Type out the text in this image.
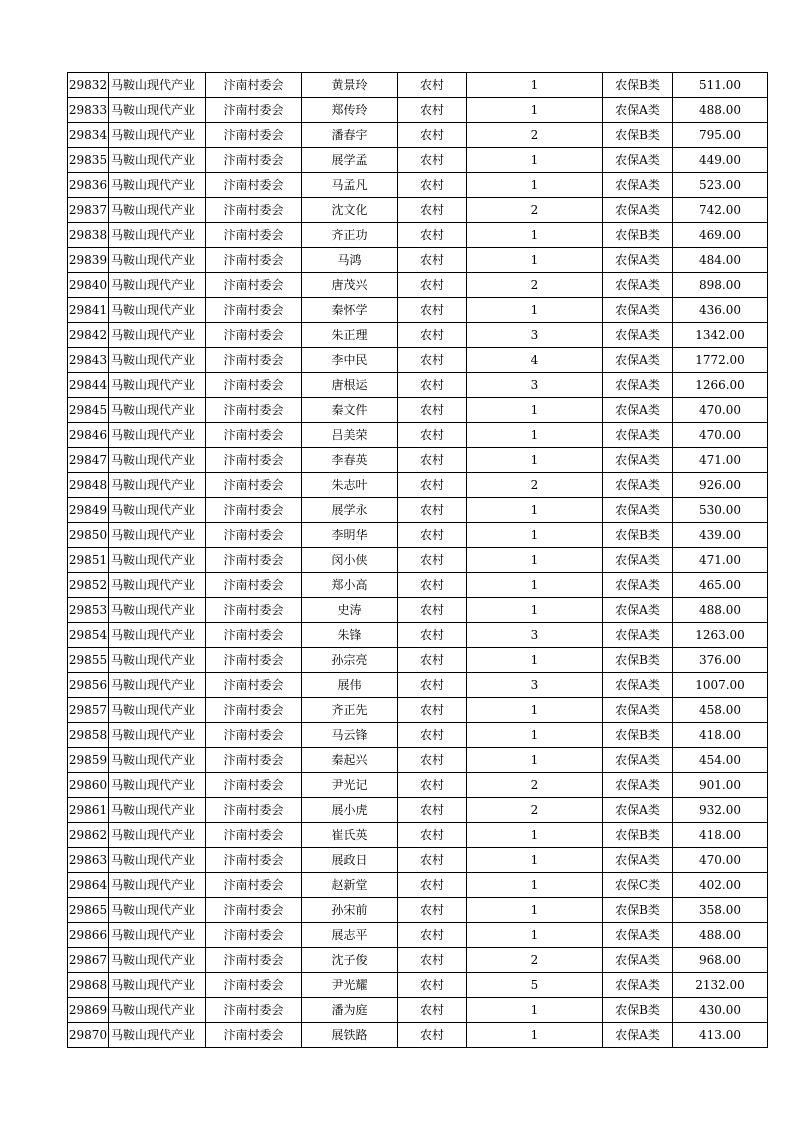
29832	马鞍山现代产业	汴南村委会	黄景玲	农村	1	农保B类	511.00
29833	马鞍山现代产业	汴南村委会	郑传玲	农村	1	农保A类	488.00
29834	马鞍山现代产业	汴南村委会	潘春宇	农村	2	农保B类	795.00
29835	马鞍山现代产业	汴南村委会	展学孟	农村	1	农保A类	449.00
29836	马鞍山现代产业	汴南村委会	马孟凡	农村	1	农保A类	523.00
29837	马鞍山现代产业	汴南村委会	沈文化	农村	2	农保A类	742.00
29838	马鞍山现代产业	汴南村委会	齐正功	农村	1	农保B类	469.00
29839	马鞍山现代产业	汴南村委会	马鸿	农村	1	农保A类	484.00
29840	马鞍山现代产业	汴南村委会	唐茂兴	农村	2	农保A类	898.00
29841	马鞍山现代产业	汴南村委会	秦怀学	农村	1	农保A类	436.00
29842	马鞍山现代产业	汴南村委会	朱正理	农村	3	农保A类	1342.00
29843	马鞍山现代产业	汴南村委会	李中民	农村	4	农保A类	1772.00
29844	马鞍山现代产业	汴南村委会	唐根运	农村	3	农保A类	1266.00
29845	马鞍山现代产业	汴南村委会	秦文件	农村	1	农保A类	470.00
29846	马鞍山现代产业	汴南村委会	吕美荣	农村	1	农保A类	470.00
29847	马鞍山现代产业	汴南村委会	李春英	农村	1	农保A类	471.00
29848	马鞍山现代产业	汴南村委会	朱志叶	农村	2	农保A类	926.00
29849	马鞍山现代产业	汴南村委会	展学永	农村	1	农保A类	530.00
29850	马鞍山现代产业	汴南村委会	李明华	农村	1	农保B类	439.00
29851	马鞍山现代产业	汴南村委会	闵小侠	农村	1	农保A类	471.00
29852	马鞍山现代产业	汴南村委会	郑小高	农村	1	农保A类	465.00
29853	马鞍山现代产业	汴南村委会	史涛	农村	1	农保A类	488.00
29854	马鞍山现代产业	汴南村委会	朱锋	农村	3	农保A类	1263.00
29855	马鞍山现代产业	汴南村委会	孙宗亮	农村	1	农保B类	376.00
29856	马鞍山现代产业	汴南村委会	展伟	农村	3	农保A类	1007.00
29857	马鞍山现代产业	汴南村委会	齐正先	农村	1	农保A类	458.00
29858	马鞍山现代产业	汴南村委会	马云锋	农村	1	农保B类	418.00
29859	马鞍山现代产业	汴南村委会	秦起兴	农村	1	农保A类	454.00
29860	马鞍山现代产业	汴南村委会	尹光记	农村	2	农保A类	901.00
29861	马鞍山现代产业	汴南村委会	展小虎	农村	2	农保A类	932.00
29862	马鞍山现代产业	汴南村委会	崔氏英	农村	1	农保B类	418.00
29863	马鞍山现代产业	汴南村委会	展政日	农村	1	农保A类	470.00
29864	马鞍山现代产业	汴南村委会	赵新堂	农村	1	农保C类	402.00
29865	马鞍山现代产业	汴南村委会	孙宋前	农村	1	农保B类	358.00
29866	马鞍山现代产业	汴南村委会	展志平	农村	1	农保A类	488.00
29867	马鞍山现代产业	汴南村委会	沈子俊	农村	2	农保A类	968.00
29868	马鞍山现代产业	汴南村委会	尹光耀	农村	5	农保A类	2132.00
29869	马鞍山现代产业	汴南村委会	潘为庭	农村	1	农保B类	430.00
29870	马鞍山现代产业	汴南村委会	展铁路	农村	1	农保A类	413.00
